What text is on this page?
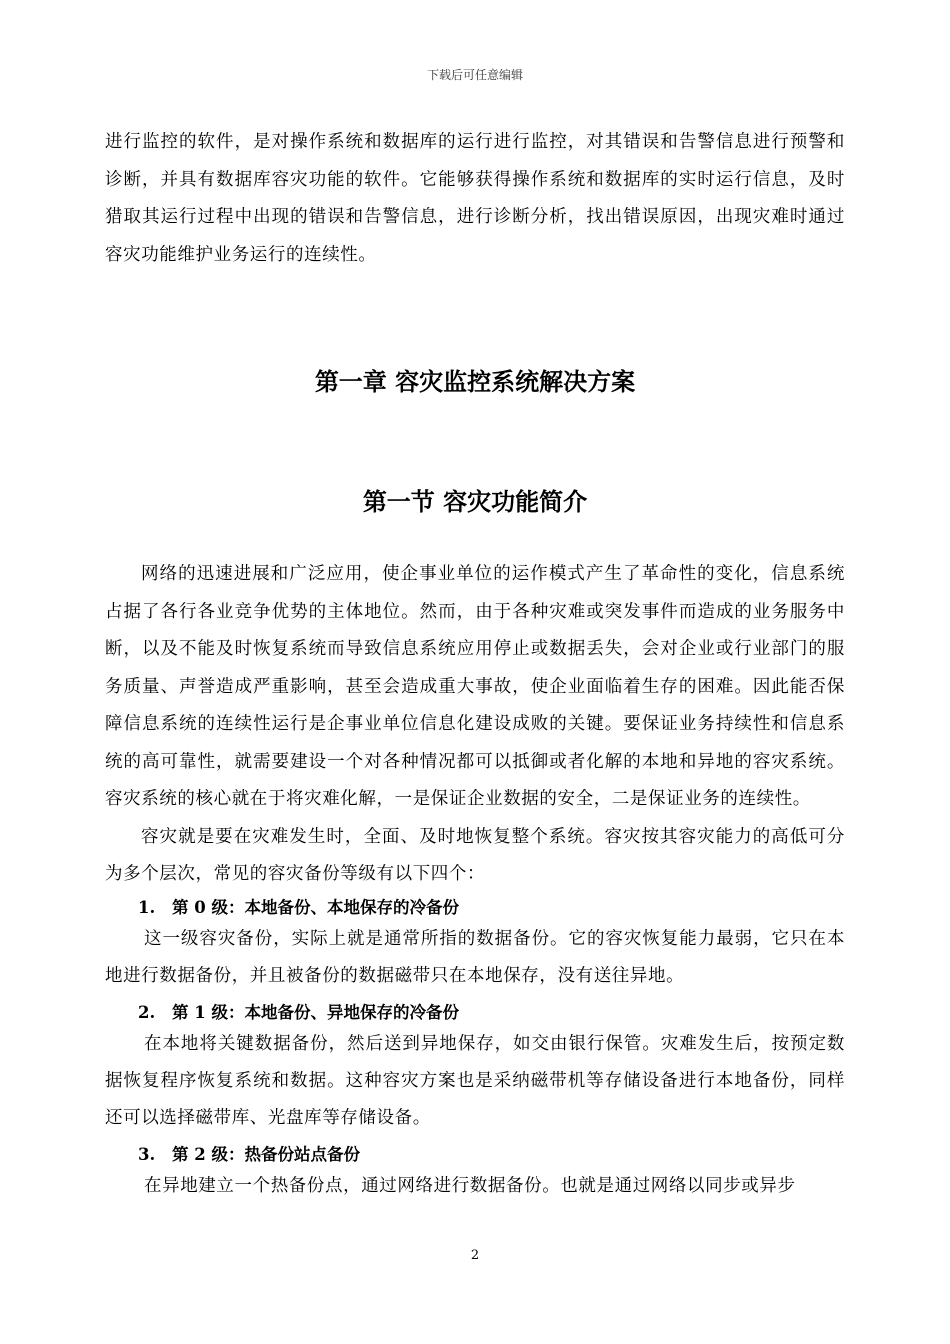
下载后可任意编辑

进行监控的软件，是对操作系统和数据库的运行进行监控，对其错误和告警信息进行预警和诊断，并具有数据库容灾功能的软件。它能够获得操作系统和数据库的实时运行信息，及时猎取其运行过程中出现的错误和告警信息，进行诊断分析，找出错误原因，出现灾难时通过容灾功能维护业务运行的连续性。

第一章 容灾监控系统解决方案
第一节 容灾功能简介

网络的迅速进展和广泛应用，使企事业单位的运作模式产生了革命性的变化，信息系统占据了各行各业竞争优势的主体地位。然而，由于各种灾难或突发事件而造成的业务服务中断，以及不能及时恢复系统而导致信息系统应用停止或数据丢失，会对企业或行业部门的服务质量、声誉造成严重影响，甚至会造成重大事故，使企业面临着生存的困难。因此能否保障信息系统的连续性运行是企事业单位信息化建设成败的关键。要保证业务持续性和信息系统的高可靠性，就需要建设一个对各种情况都可以抵御或者化解的本地和异地的容灾系统。容灾系统的核心就在于将灾难化解，一是保证企业数据的安全，二是保证业务的连续性。

容灾就是要在灾难发生时，全面、及时地恢复整个系统。容灾按其容灾能力的高低可分为多个层次，常见的容灾备份等级有以下四个：

1. 第 0 级：本地备份、本地保存的冷备份

这一级容灾备份，实际上就是通常所指的数据备份。它的容灾恢复能力最弱，它只在本地进行数据备份，并且被备份的数据磁带只在本地保存，没有送往异地。

2. 第 1 级：本地备份、异地保存的冷备份

在本地将关键数据备份，然后送到异地保存，如交由银行保管。灾难发生后，按预定数据恢复程序恢复系统和数据。这种容灾方案也是采纳磁带机等存储设备进行本地备份，同样还可以选择磁带库、光盘库等存储设备。

3. 第 2 级：热备份站点备份

在异地建立一个热备份点，通过网络进行数据备份。也就是通过网络以同步或异步

2
